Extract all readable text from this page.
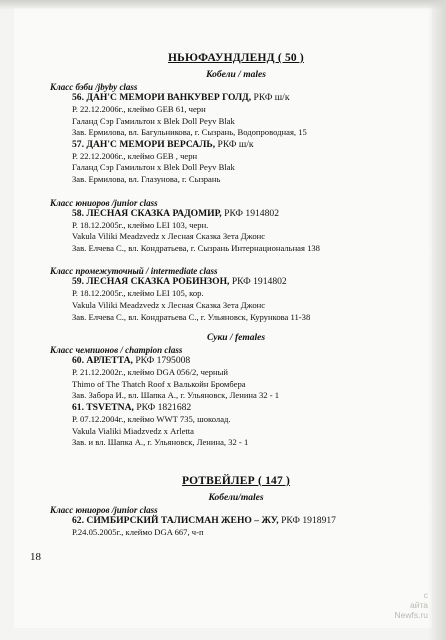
НЬЮФАУНДЛЕНД ( 50 )
Кобели / males
Класс бэби /jbyby class
56. ДАН'С МЕМОРИ ВАНКУВЕР ГОЛД, РКФ ш/к
Р. 22.12.2006г., клеймо GEB 61, черн
Галанд Сэр Гамильтон х Blek Doll Peyv Blak
Зав. Ермилова, вл. Багульникова, г. Сызрань, Водопроводная, 15
57. ДАН'С МЕМОРИ ВЕРСАЛЬ, РКФ ш/к
Р. 22.12.2006г., клеймо GEB , черн
Галанд Сэр Гамильтон х Blek Doll Peyv Blak
Зав. Ермилова, вл. Глазунова, г. Сызрань
Класс юниоров /junior class
58. ЛЕСНАЯ СКАЗКА РАДОМИР, РКФ 1914802
Р. 18.12.2005г., клеймо LEI 103, черн.
Vakula Viliki Meadzvedz х Лесная Сказка Зета Джонс
Зав. Елчева С., вл. Кондратьева, г. Сызрань Интернациональная 138
Класс промежуточный / intermediate class
59. ЛЕСНАЯ СКАЗКА РОБИНЗОН, РКФ 1914802
Р. 18.12.2005г., клеймо LEI 105, кор.
Vakula Viliki Meadzvedz х Лесная Сказка Зета Джонс
Зав. Елчева С., вл. Кондратьева С., г. Ульяновск, Курункова 11-38
Суки / females
Класс чемпионов / champion class
60. АРЛЕТТА, РКФ 1795008
Р. 21.12.2002г., клеймо DGA 056/2, черный
Thimo of The Thatch Roof х Валькойн Бромбера
Зав. Забора И., вл. Шапка А., г. Ульяновск, Ленина 32 - 1
61. TSVETNA, РКФ 1821682
Р. 07.12.2004г., клеймо WWT 735, шоколад.
Vakula Vialiki Miadzvedz х Arletta
Зав. и вл. Шапка А., г. Ульяновск, Ленина, 32 - 1
РОТВЕЙЛЕР ( 147 )
Кобели/males
Класс юниоров /junior class
62. СИМБИРСКИЙ ТАЛИСМАН ЖЕНО – ЖУ, РКФ 1918917
Р.24.05.2005г., клеймо DGA 667, ч-п
18
с
айта
Newfs.ru
